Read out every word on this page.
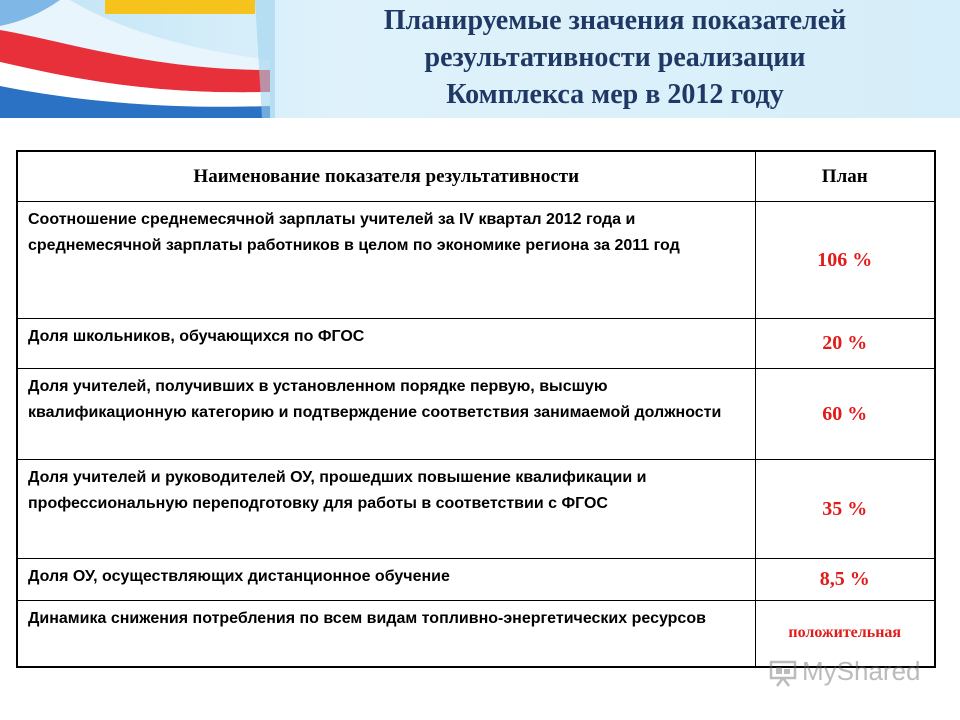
Планируемые значения показателей
результативности реализации
Комплекса мер в 2012 году
Наименование показателя результативности	План
Соотношение среднемесячной зарплаты учителей за IV квартал 2012 года и среднемесячной зарплаты работников в целом по экономике региона за 2011 год	106 %
Доля школьников, обучающихся по ФГОС	20 %
Доля учителей, получивших в установленном порядке первую, высшую квалификационную категорию и подтверждение соответствия занимаемой должности	60 %
Доля учителей и руководителей ОУ, прошедших повышение квалификации и профессиональную переподготовку для работы в соответствии с ФГОС	35 %
Доля ОУ, осуществляющих дистанционное обучение	8,5 %
Динамика снижения потребления по всем видам топливно-энергетических ресурсов	положительная
MyShared
